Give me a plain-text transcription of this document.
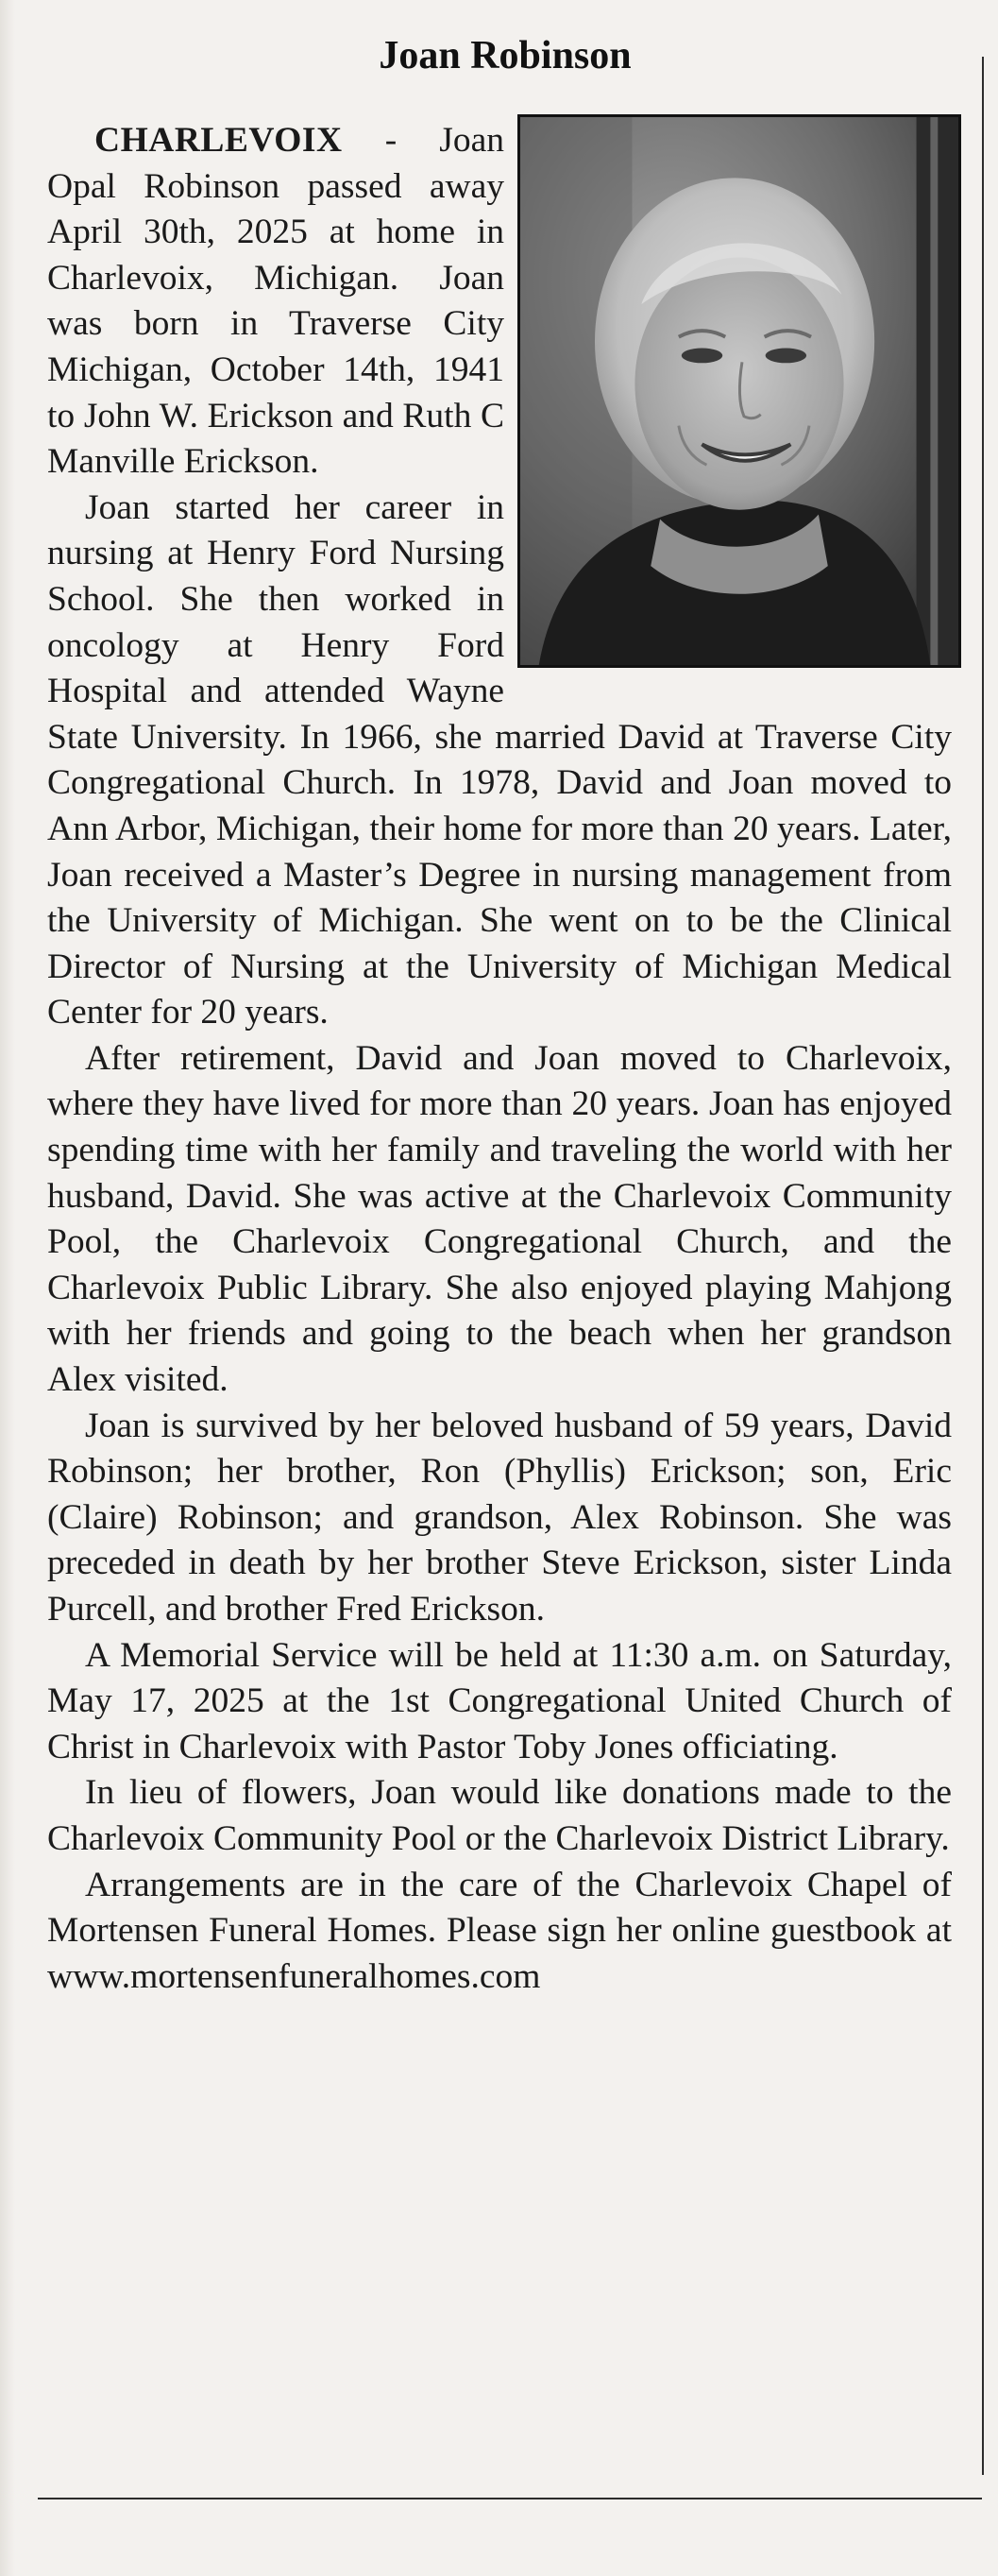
Joan Robinson

CHARLEVOIX - Joan Opal Robinson passed away April 30th, 2025 at home in Charlevoix, Michigan. Joan was born in Traverse City Michigan, October 14th, 1941 to John W. Erickson and Ruth C Manville Erickson.

Joan started her career in nursing at Henry Ford Nursing School. She then worked in oncology at Henry Ford Hospital and attended Wayne State University. In 1966, she married David at Traverse City Congregational Church. In 1978, David and Joan moved to Ann Arbor, Michigan, their home for more than 20 years. Later, Joan received a Master’s Degree in nursing management from the University of Michigan. She went on to be the Clinical Director of Nursing at the University of Michigan Medical Center for 20 years.

After retirement, David and Joan moved to Charlevoix, where they have lived for more than 20 years. Joan has enjoyed spending time with her family and traveling the world with her husband, David. She was active at the Charlevoix Community Pool, the Charlevoix Congregational Church, and the Charlevoix Public Library. She also enjoyed playing Mahjong with her friends and going to the beach when her grandson Alex visited.

Joan is survived by her beloved husband of 59 years, David Robinson; her brother, Ron (Phyllis) Erickson; son, Eric (Claire) Robinson; and grandson, Alex Robinson. She was preceded in death by her brother Steve Erickson, sister Linda Purcell, and brother Fred Erickson.

A Memorial Service will be held at 11:30 a.m. on Saturday, May 17, 2025 at the 1st Congregational United Church of Christ in Charlevoix with Pastor Toby Jones officiating.

In lieu of flowers, Joan would like donations made to the Charlevoix Community Pool or the Charlevoix District Library.

Arrangements are in the care of the Charlevoix Chapel of Mortensen Funeral Homes. Please sign her online guestbook at www.mortensenfuneralhomes.com
